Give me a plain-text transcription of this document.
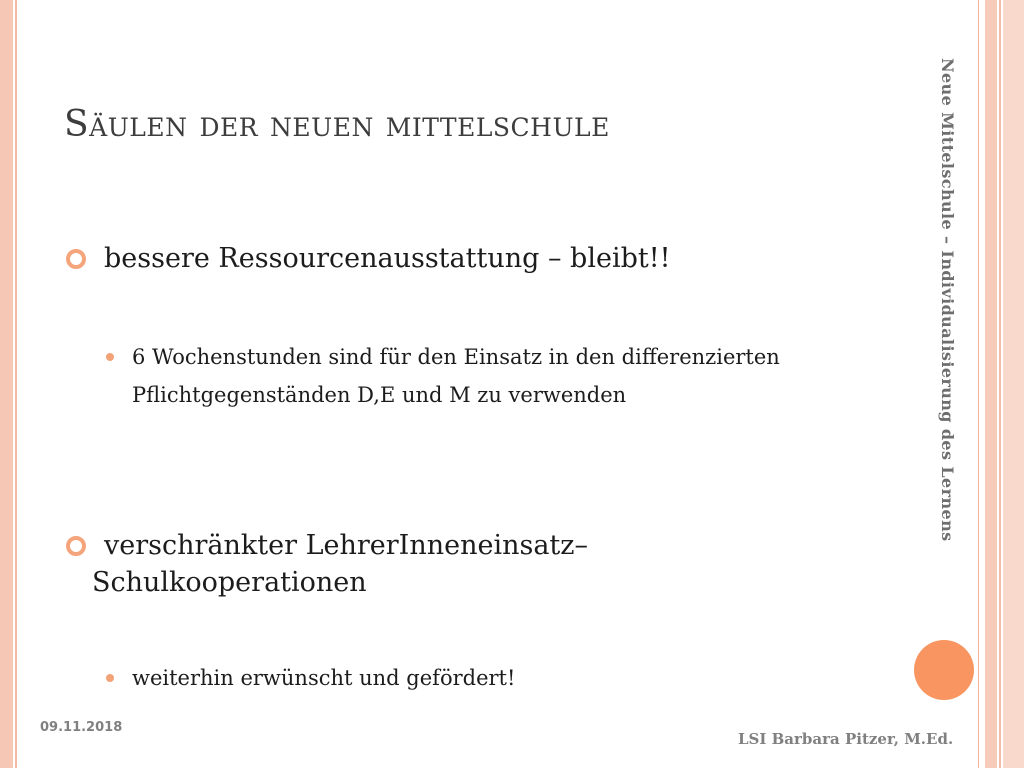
Säulen der neuen mittelschule

bessere Ressourcenausstattung – bleibt!!

6 Wochenstunden sind für den Einsatz in den differenzierten Pflichtgegenständen D,E und M zu verwenden

verschränkter LehrerInneneinsatz– Schulkooperationen

weiterhin erwünscht und gefördert!

Neue Mittelschule – Individualisierung des Lernens
09.11.2018
LSI Barbara Pitzer, M.Ed.
